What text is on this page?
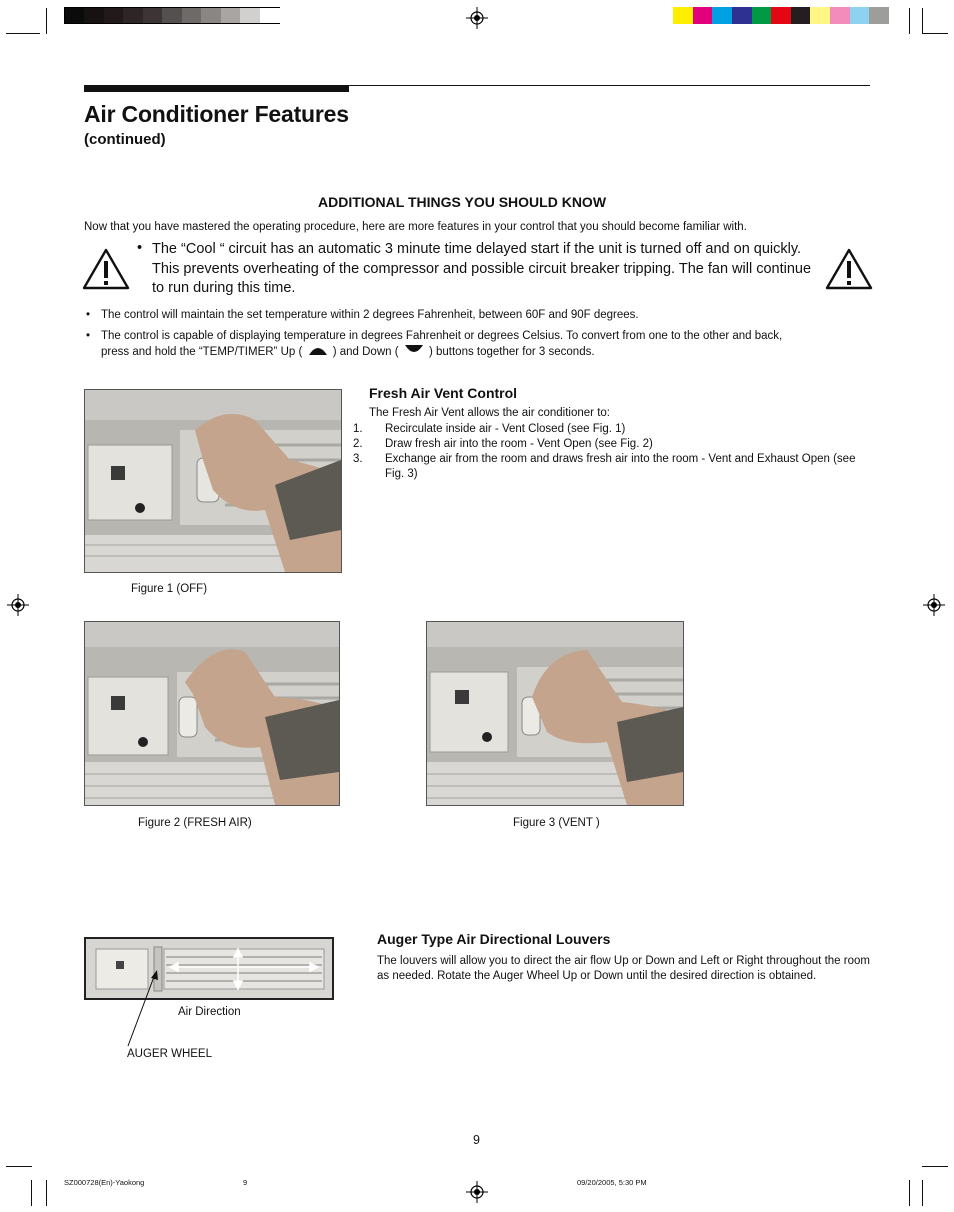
Air Conditioner Features
(continued)
ADDITIONAL THINGS YOU SHOULD KNOW
Now that you have mastered the operating procedure, here are more features in your control that you should become familiar with.
• The “Cool “ circuit has an automatic 3 minute time delayed start if the unit is turned off and on quickly. This prevents overheating of the compressor and possible circuit breaker tripping. The fan will continue to run during this time.
• The control will maintain the set temperature within 2 degrees Fahrenheit, between 60F and 90F degrees.
• The control is capable of displaying temperature in degrees Fahrenheit or degrees Celsius. To convert from one to the other and back,
press and hold the “TEMP/TIMER” Up (	) and Down (	) buttons together for 3 seconds.
Figure 1 (OFF)
Fresh Air Vent Control
The Fresh Air Vent allows the air conditioner to:
1. Recirculate inside air - Vent Closed (see Fig. 1)
2. Draw fresh air into the room - Vent Open (see Fig. 2)
3. Exchange air from the room and draws fresh air into the room - Vent and Exhaust Open (see Fig. 3)
Figure 2 (FRESH AIR)	Figure 3 (VENT )
Air Direction
AUGER WHEEL
Auger Type Air Directional Louvers
The louvers will allow you to direct the air flow Up or Down and Left or Right throughout the room as needed. Rotate the Auger Wheel Up or Down until the desired direction is obtained.
9
SZ000728(En)-Yaokong	9	09/20/2005, 5:30 PM
